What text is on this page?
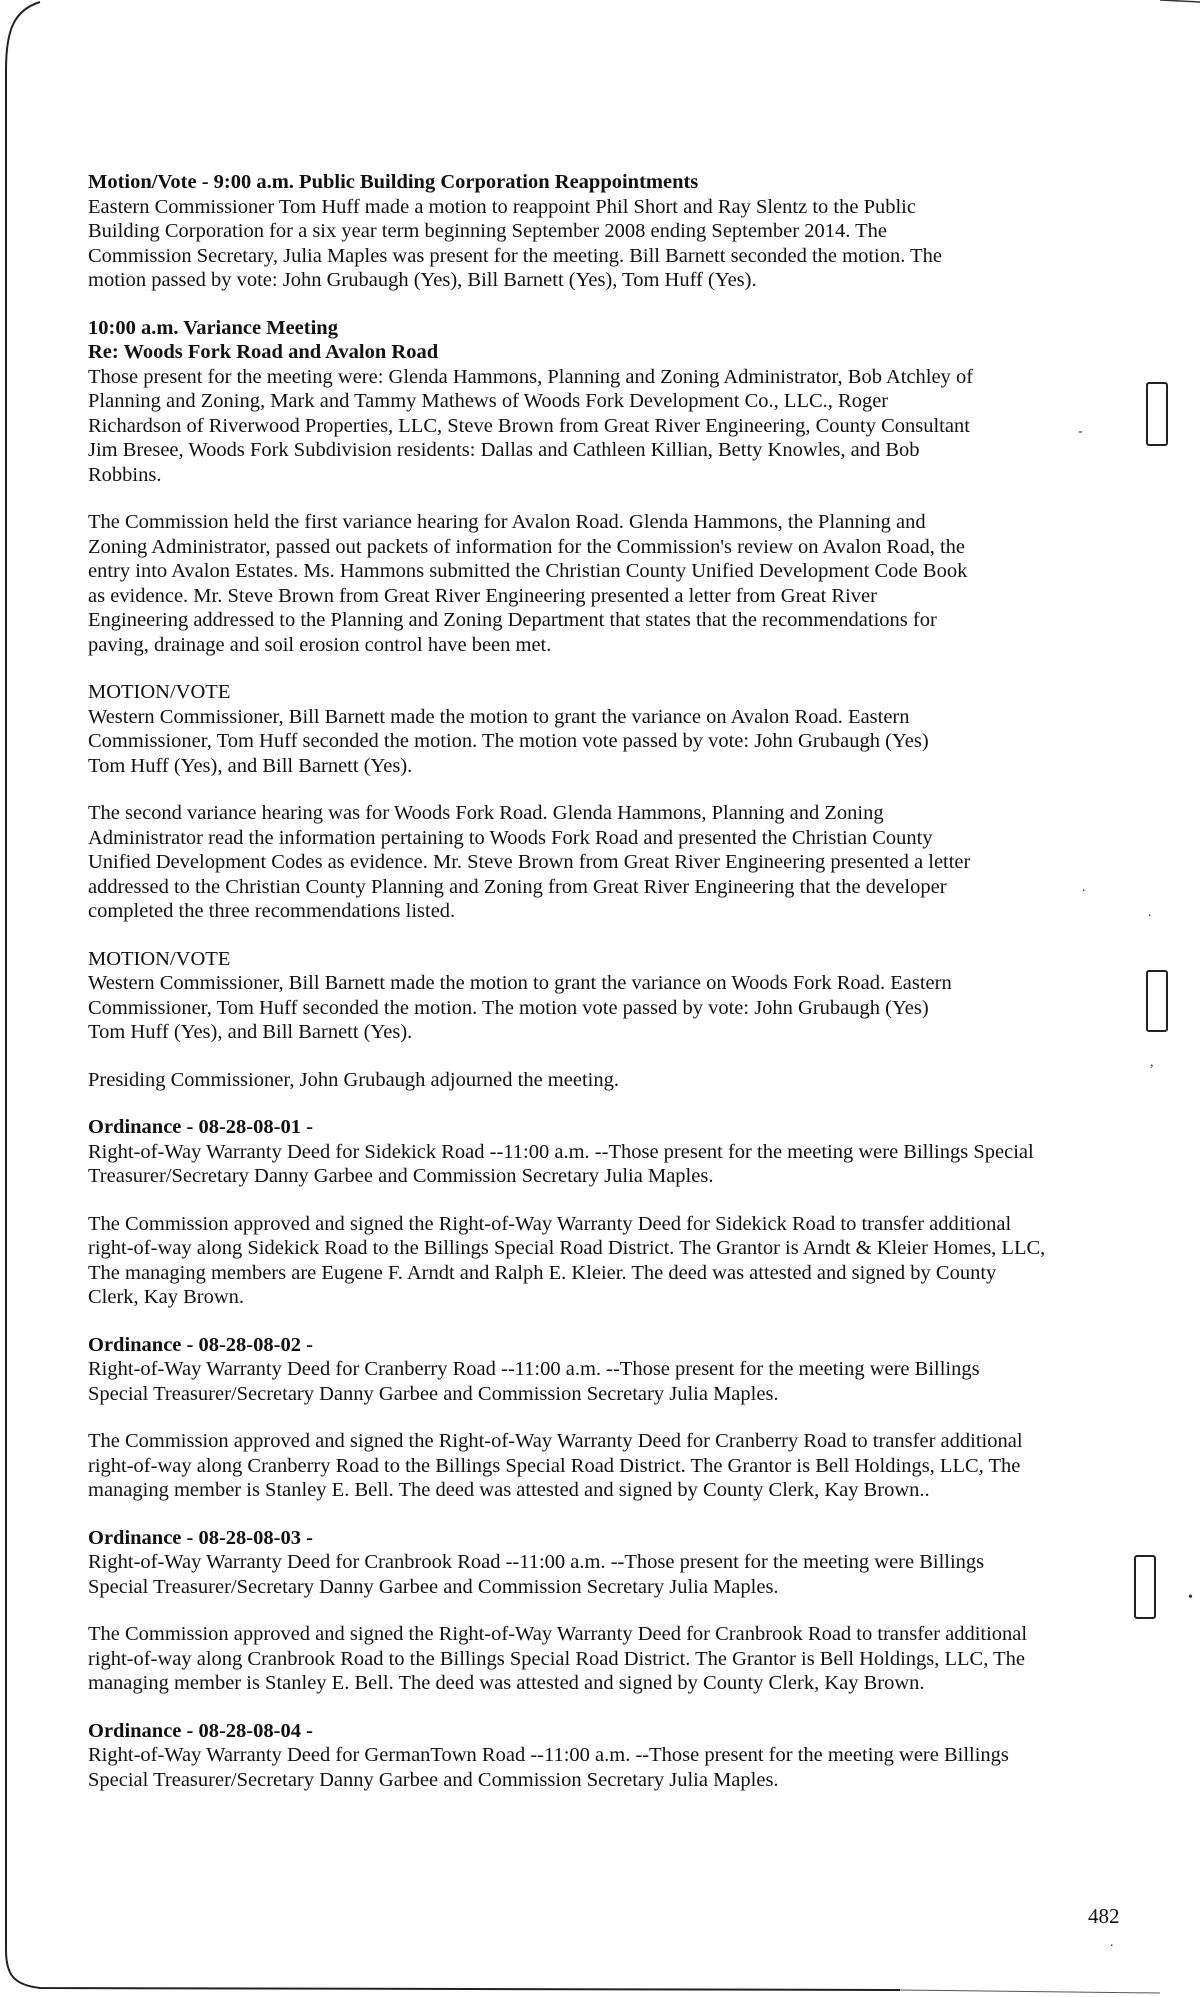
-
.
.
,
•
.
Motion/Vote - 9:00 a.m. Public Building Corporation Reappointments
Eastern Commissioner Tom Huff made a motion to reappoint Phil Short and Ray Slentz to the Public
Building Corporation for a six year term beginning September 2008 ending September 2014. The
Commission Secretary, Julia Maples was present for the meeting. Bill Barnett seconded the motion. The
motion passed by vote: John Grubaugh (Yes), Bill Barnett (Yes), Tom Huff (Yes).
10:00 a.m. Variance Meeting
Re: Woods Fork Road and Avalon Road
Those present for the meeting were: Glenda Hammons, Planning and Zoning Administrator, Bob Atchley of
Planning and Zoning, Mark and Tammy Mathews of Woods Fork Development Co., LLC., Roger
Richardson of Riverwood Properties, LLC, Steve Brown from Great River Engineering, County Consultant
Jim Bresee, Woods Fork Subdivision residents: Dallas and Cathleen Killian, Betty Knowles, and Bob
Robbins.
The Commission held the first variance hearing for Avalon Road. Glenda Hammons, the Planning and
Zoning Administrator, passed out packets of information for the Commission's review on Avalon Road, the
entry into Avalon Estates. Ms. Hammons submitted the Christian County Unified Development Code Book
as evidence. Mr. Steve Brown from Great River Engineering presented a letter from Great River
Engineering addressed to the Planning and Zoning Department that states that the recommendations for
paving, drainage and soil erosion control have been met.
MOTION/VOTE
Western Commissioner, Bill Barnett made the motion to grant the variance on Avalon Road. Eastern
Commissioner, Tom Huff seconded the motion. The motion vote passed by vote: John Grubaugh (Yes)
Tom Huff (Yes), and Bill Barnett (Yes).
The second variance hearing was for Woods Fork Road. Glenda Hammons, Planning and Zoning
Administrator read the information pertaining to Woods Fork Road and presented the Christian County
Unified Development Codes as evidence. Mr. Steve Brown from Great River Engineering presented a letter
addressed to the Christian County Planning and Zoning from Great River Engineering that the developer
completed the three recommendations listed.
MOTION/VOTE
Western Commissioner, Bill Barnett made the motion to grant the variance on Woods Fork Road. Eastern
Commissioner, Tom Huff seconded the motion. The motion vote passed by vote: John Grubaugh (Yes)
Tom Huff (Yes), and Bill Barnett (Yes).
Presiding Commissioner, John Grubaugh adjourned the meeting.
Ordinance - 08-28-08-01 -
Right-of-Way Warranty Deed for Sidekick Road --11:00 a.m. --Those present for the meeting were Billings Special
Treasurer/Secretary Danny Garbee and Commission Secretary Julia Maples.
The Commission approved and signed the Right-of-Way Warranty Deed for Sidekick Road to transfer additional
right-of-way along Sidekick Road to the Billings Special Road District. The Grantor is Arndt & Kleier Homes, LLC,
The managing members are Eugene F. Arndt and Ralph E. Kleier. The deed was attested and signed by County
Clerk, Kay Brown.
Ordinance - 08-28-08-02 -
Right-of-Way Warranty Deed for Cranberry Road --11:00 a.m. --Those present for the meeting were Billings
Special Treasurer/Secretary Danny Garbee and Commission Secretary Julia Maples.
The Commission approved and signed the Right-of-Way Warranty Deed for Cranberry Road to transfer additional
right-of-way along Cranberry Road to the Billings Special Road District. The Grantor is Bell Holdings, LLC, The
managing member is Stanley E. Bell. The deed was attested and signed by County Clerk, Kay Brown..
Ordinance - 08-28-08-03 -
Right-of-Way Warranty Deed for Cranbrook Road --11:00 a.m. --Those present for the meeting were Billings
Special Treasurer/Secretary Danny Garbee and Commission Secretary Julia Maples.
The Commission approved and signed the Right-of-Way Warranty Deed for Cranbrook Road to transfer additional
right-of-way along Cranbrook Road to the Billings Special Road District. The Grantor is Bell Holdings, LLC, The
managing member is Stanley E. Bell. The deed was attested and signed by County Clerk, Kay Brown.
Ordinance - 08-28-08-04 -
Right-of-Way Warranty Deed for GermanTown Road --11:00 a.m. --Those present for the meeting were Billings
Special Treasurer/Secretary Danny Garbee and Commission Secretary Julia Maples.
482
